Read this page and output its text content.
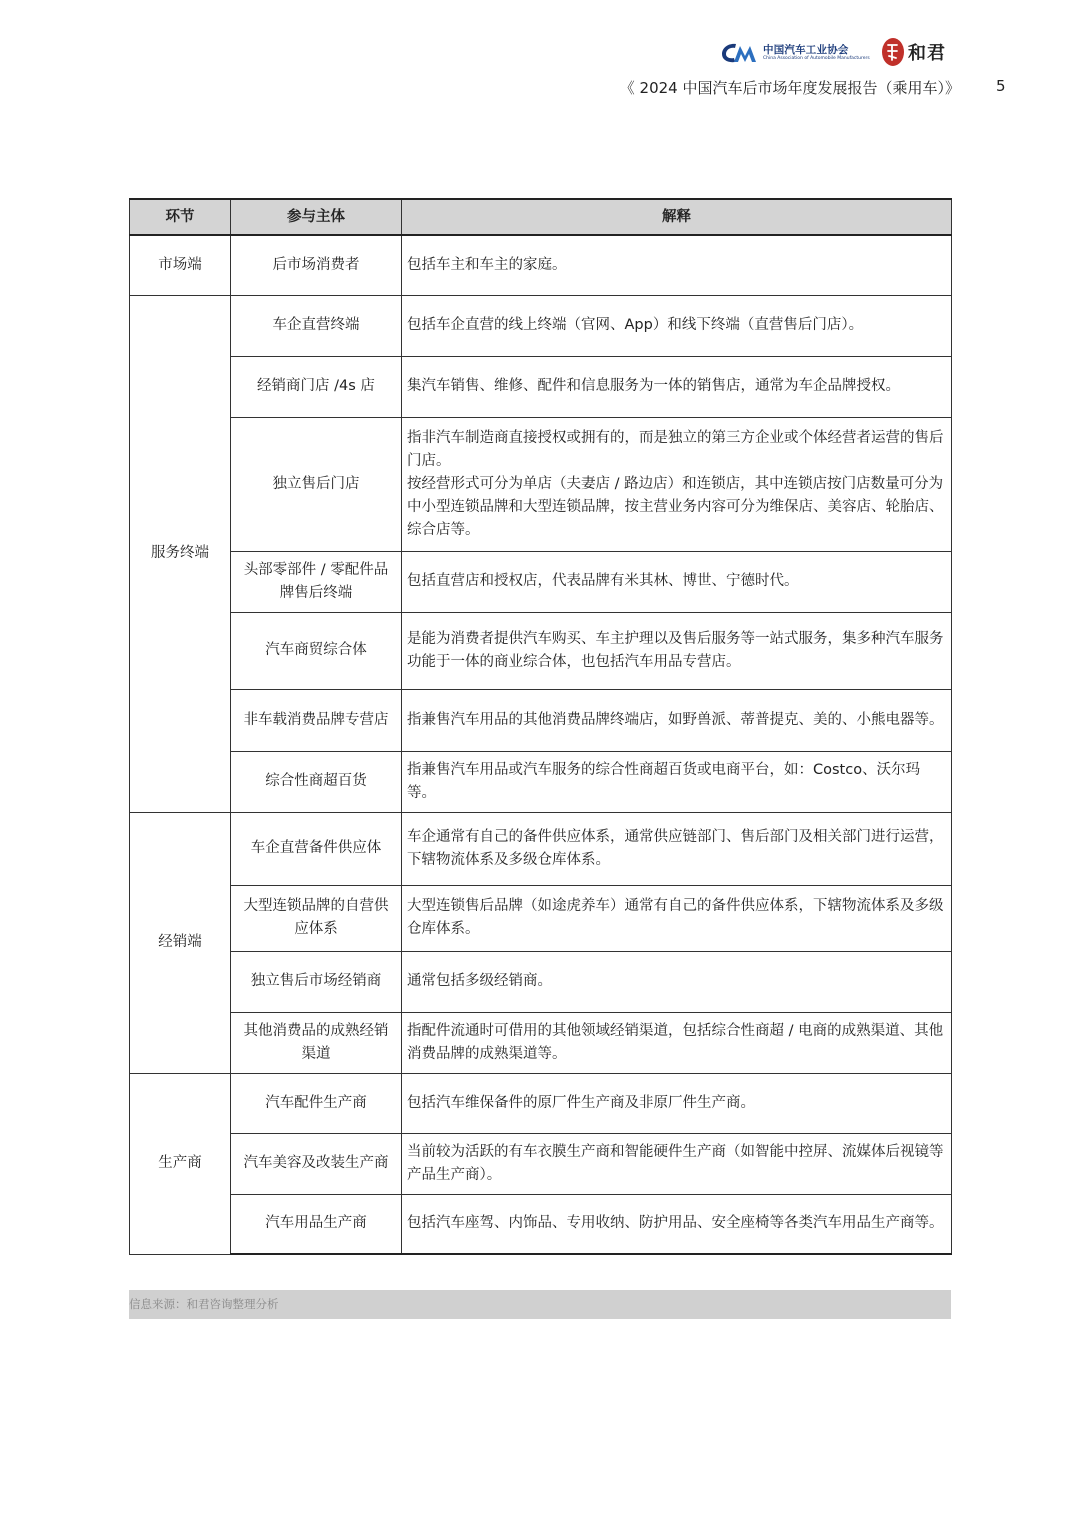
中国汽车工业协会
China Association of Automobile Manufacturers 和君
《 2024 中国汽车后市场年度发展报告（乘用车）》 5
环节	参与主体	解释
市场端	后市场消费者	包括车主和车主的家庭。

服务终端	车企直营终端	包括车企直营的线上终端（官网、App）和线下终端（直营售后门店）。

	经销商门店 /4s 店	集汽车销售、维修、配件和信息服务为一体的销售店，通常为车企品牌授权。

	独立售后门店	指非汽车制造商直接授权或拥有的，而是独立的第三方企业或个体经营者运营的售后门店。
按经营形式可分为单店（夫妻店 / 路边店）和连锁店，其中连锁店按门店数量可分为中小型连锁品牌和大型连锁品牌，按主营业务内容可分为维保店、美容店、轮胎店、综合店等。

	头部零部件 / 零配件品牌售后终端	包括直营店和授权店，代表品牌有米其林、博世、宁德时代。

	汽车商贸综合体	是能为消费者提供汽车购买、车主护理以及售后服务等一站式服务，集多种汽车服务功能于一体的商业综合体，也包括汽车用品专营店。

	非车载消费品牌专营店	指兼售汽车用品的其他消费品牌终端店，如野兽派、蒂普提克、美的、小熊电器等。

	综合性商超百货	指兼售汽车用品或汽车服务的综合性商超百货或电商平台，如：Costco、沃尔玛等。

经销端	车企直营备件供应体	车企通常有自己的备件供应体系，通常供应链部门、售后部门及相关部门进行运营，下辖物流体系及多级仓库体系。

	大型连锁品牌的自营供应体系	大型连锁售后品牌（如途虎养车）通常有自己的备件供应体系，下辖物流体系及多级仓库体系。

	独立售后市场经销商	通常包括多级经销商。

	其他消费品的成熟经销渠道	指配件流通时可借用的其他领域经销渠道，包括综合性商超 / 电商的成熟渠道、其他消费品牌的成熟渠道等。

生产商	汽车配件生产商	包括汽车维保备件的原厂件生产商及非原厂件生产商。

	汽车美容及改装生产商	当前较为活跃的有车衣膜生产商和智能硬件生产商（如智能中控屏、流媒体后视镜等产品生产商）。

	汽车用品生产商	包括汽车座驾、内饰品、专用收纳、防护用品、安全座椅等各类汽车用品生产商等。
信息来源：和君咨询整理分析
